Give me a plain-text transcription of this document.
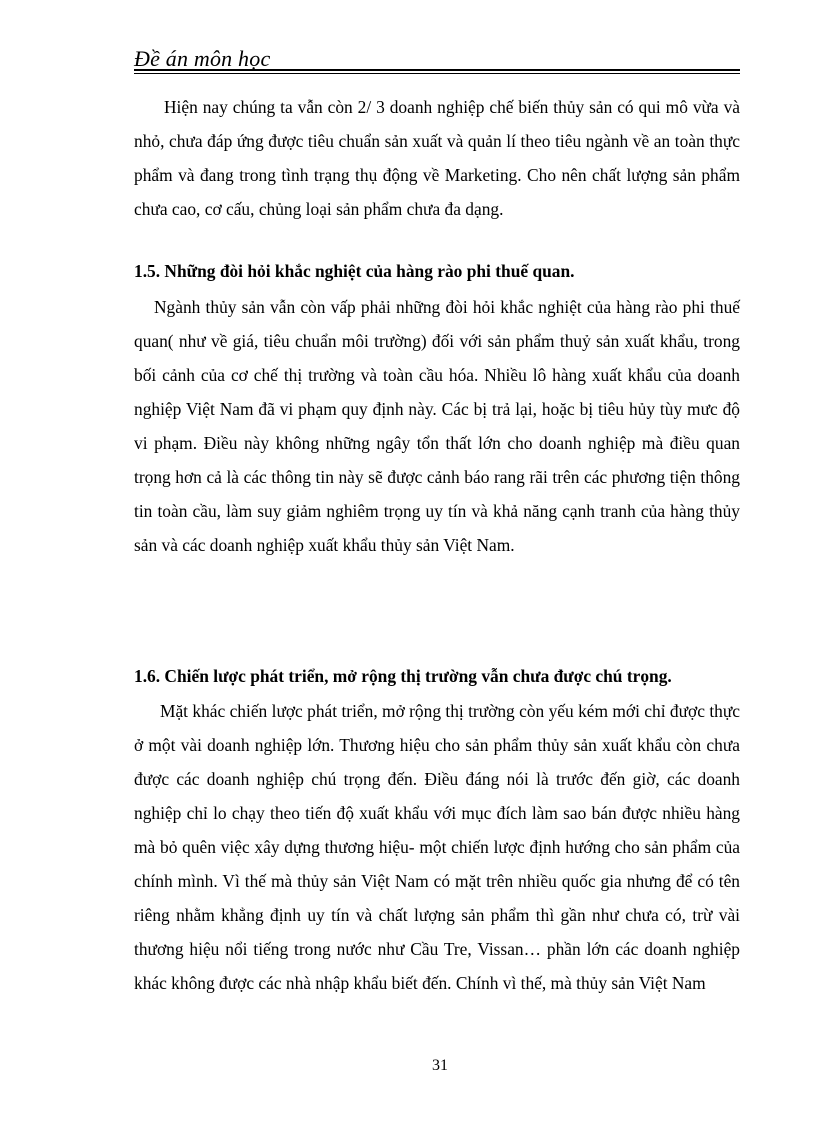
Đề án môn học

Hiện nay chúng ta vẫn còn 2/ 3 doanh nghiệp chế biến thủy sản có qui mô vừa và nhỏ, chưa đáp ứng được tiêu chuẩn sản xuất và quản lí theo tiêu ngành về an toàn thực phẩm và đang trong tình trạng thụ động về Marketing. Cho nên chất lượng sản phẩm chưa cao, cơ cấu, chủng loại sản phẩm chưa đa dạng.

1.5. Những đòi hỏi khắc nghiệt của hàng rào phi thuế quan.

Ngành thủy sản vẫn còn vấp phải những đòi hỏi khắc nghiệt của hàng rào phi thuế quan( như về giá, tiêu chuẩn môi trường) đối với sản phẩm thuỷ sản xuất khẩu, trong bối cảnh của cơ chế thị trường và toàn cầu hóa. Nhiều lô hàng xuất khẩu của doanh nghiệp Việt Nam đã vi phạm quy định này. Các bị trả lại, hoặc bị tiêu hủy tùy mưc độ vi phạm. Điều này không những ngây tổn thất lớn cho doanh nghiệp mà điều quan trọng hơn cả là các thông tin này sẽ được cảnh báo rang rãi trên các phương tiện thông tin toàn cầu, làm suy giảm nghiêm trọng uy tín và khả năng cạnh tranh của hàng thủy sản và các doanh nghiệp xuất khẩu thủy sản Việt Nam.

1.6. Chiến lược phát triển, mở rộng thị trường vẫn chưa được chú trọng.

Mặt khác chiến lược phát triển, mở rộng thị trường còn yếu kém mới chỉ được thực ở một vài doanh nghiệp lớn. Thương hiệu cho sản phẩm thủy sản xuất khẩu còn chưa được các doanh nghiệp chú trọng đến. Điều đáng nói là trước đến giờ, các doanh nghiệp chỉ lo chạy theo tiến độ xuất khẩu với mục đích làm sao bán được nhiều hàng mà bỏ quên việc xây dựng thương hiệu- một chiến lược định hướng cho sản phẩm của chính mình. Vì thế mà thủy sản Việt Nam có mặt trên nhiều quốc gia nhưng để có tên riêng nhằm khẳng định uy tín và chất lượng sản phẩm thì gần như chưa có, trừ vài thương hiệu nổi tiếng trong nước như Cầu Tre, Vissan… phần lớn các doanh nghiệp khác không được các nhà nhập khẩu biết đến. Chính vì thế, mà thủy sản Việt Nam

31
